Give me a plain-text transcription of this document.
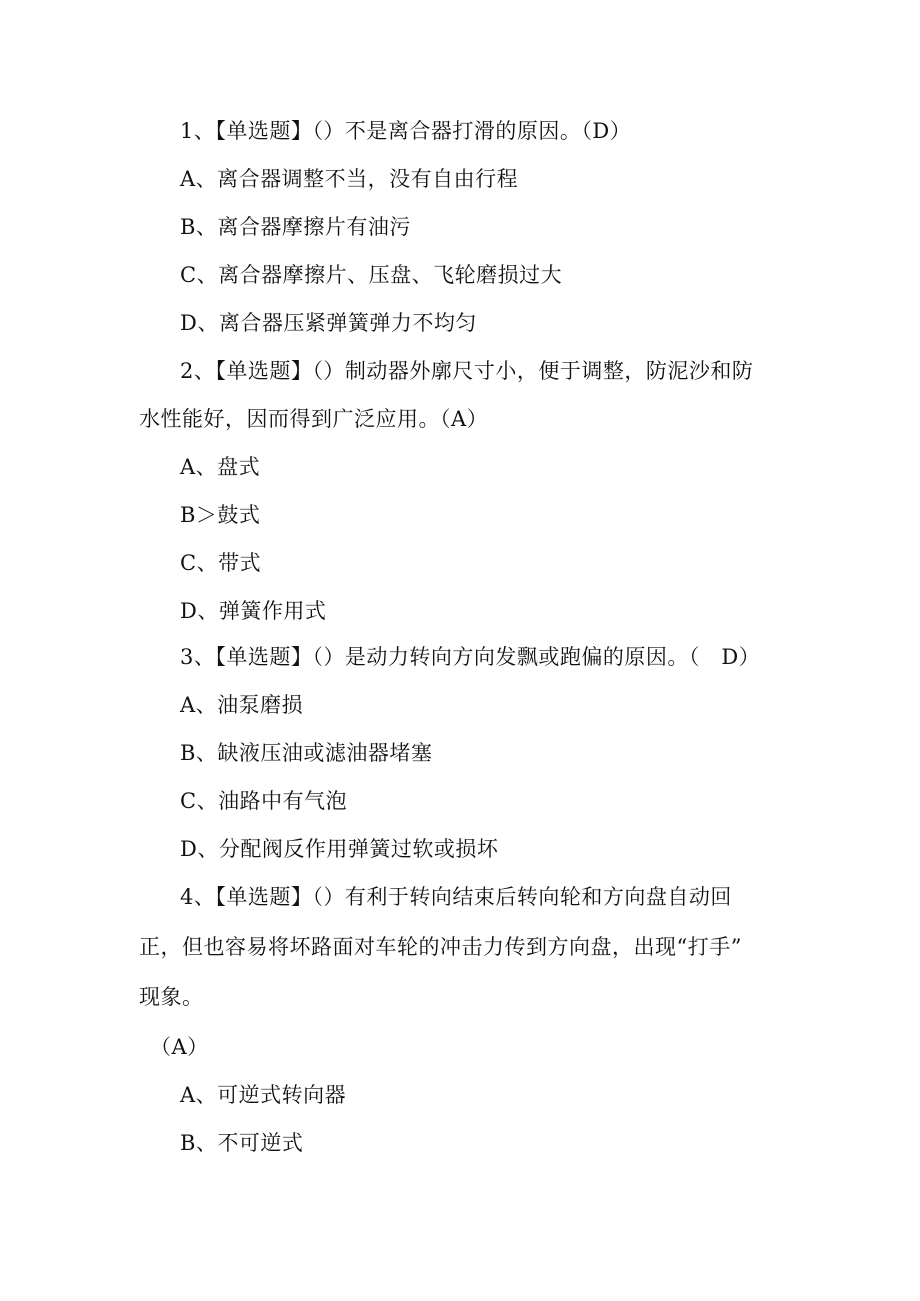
1、【单选题】（）不是离合器打滑的原因。（D）
A、离合器调整不当，没有自由行程
B、离合器摩擦片有油污
C、离合器摩擦片、压盘、飞轮磨损过大
D、离合器压紧弹簧弹力不均匀
2、【单选题】（）制动器外廓尺寸小，便于调整，防泥沙和防
水性能好，因而得到广泛应用。（A）
A、盘式
B＞鼓式
C、带式
D、弹簧作用式
3、【单选题】（）是动力转向方向发飘或跑偏的原因。（　D）
A、油泵磨损
B、缺液压油或滤油器堵塞
C、油路中有气泡
D、分配阀反作用弹簧过软或损坏
4、【单选题】（）有利于转向结束后转向轮和方向盘自动回
正，但也容易将坏路面对车轮的冲击力传到方向盘，出现“打手”
现象。
（A）
A、可逆式转向器
B、不可逆式
